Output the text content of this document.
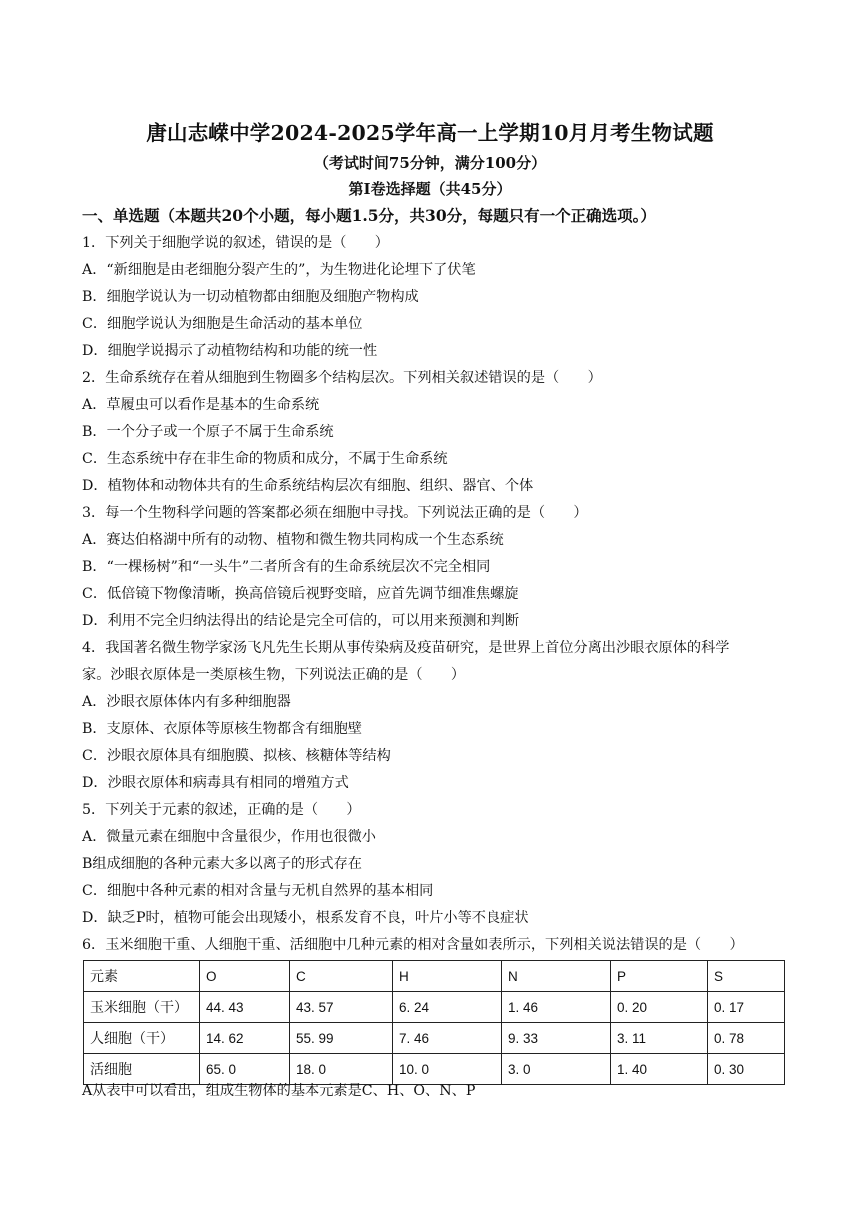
唐山志嵘中学2024-2025学年高一上学期10月月考生物试题
（考试时间75分钟，满分100分）
第I卷选择题（共45分）
一、单选题（本题共20个小题，每小题1.5分，共30分，每题只有一个正确选项。）
1．下列关于细胞学说的叙述，错误的是（　　）
A．“新细胞是由老细胞分裂产生的”，为生物进化论埋下了伏笔
B．细胞学说认为一切动植物都由细胞及细胞产物构成
C．细胞学说认为细胞是生命活动的基本单位
D．细胞学说揭示了动植物结构和功能的统一性
2．生命系统存在着从细胞到生物圈多个结构层次。下列相关叙述错误的是（　　）
A．草履虫可以看作是基本的生命系统
B．一个分子或一个原子不属于生命系统
C．生态系统中存在非生命的物质和成分，不属于生命系统
D．植物体和动物体共有的生命系统结构层次有细胞、组织、器官、个体
3．每一个生物科学问题的答案都必须在细胞中寻找。下列说法正确的是（　　）
A．赛达伯格湖中所有的动物、植物和微生物共同构成一个生态系统
B．“一棵杨树”和“一头牛”二者所含有的生命系统层次不完全相同
C．低倍镜下物像清晰，换高倍镜后视野变暗，应首先调节细准焦螺旋
D．利用不完全归纳法得出的结论是完全可信的，可以用来预测和判断
4．我国著名微生物学家汤飞凡先生长期从事传染病及疫苗研究，是世界上首位分离出沙眼衣原体的科学
家。沙眼衣原体是一类原核生物，下列说法正确的是（　　）
A．沙眼衣原体体内有多种细胞器
B．支原体、衣原体等原核生物都含有细胞壁
C．沙眼衣原体具有细胞膜、拟核、核糖体等结构
D．沙眼衣原体和病毒具有相同的增殖方式
5．下列关于元素的叙述，正确的是（　　）
A．微量元素在细胞中含量很少，作用也很微小
B组成细胞的各种元素大多以离子的形式存在
C．细胞中各种元素的相对含量与无机自然界的基本相同
D．缺乏P时，植物可能会出现矮小，根系发育不良，叶片小等不良症状
6．玉米细胞干重、人细胞干重、活细胞中几种元素的相对含量如表所示，下列相关说法错误的是（　　）
元素	O	C	H	N	P	S
玉米细胞（干）	44. 43	43. 57	6. 24	1. 46	0. 20	0. 17
人细胞（干）	14. 62	55. 99	7. 46	9. 33	3. 11	0. 78
活细胞	65. 0	18. 0	10. 0	3. 0	1. 40	0. 30
A从表中可以看出，组成生物体的基本元素是C、H、O、N、P
